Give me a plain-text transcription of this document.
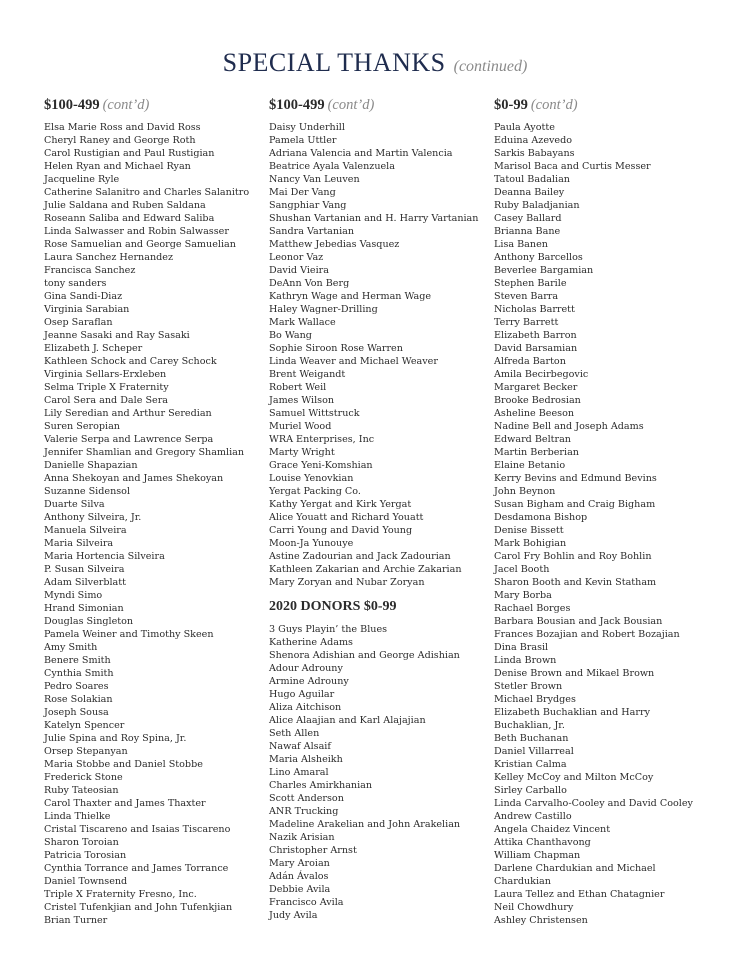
SPECIAL THANKS (continued)
$100-499 (cont’d)
Elsa Marie Ross and David Ross
Cheryl Raney and George Roth
Carol Rustigian and Paul Rustigian
Helen Ryan and Michael Ryan
Jacqueline Ryle
Catherine Salanitro and Charles Salanitro
Julie Saldana and Ruben Saldana
Roseann Saliba and Edward Saliba
Linda Salwasser and Robin Salwasser
Rose Samuelian and George Samuelian
Laura Sanchez Hernandez
Francisca Sanchez
tony sanders
Gina Sandi-Diaz
Virginia Sarabian
Osep Saraflan
Jeanne Sasaki and Ray Sasaki
Elizabeth J. Scheper
Kathleen Schock and Carey Schock
Virginia Sellars-Erxleben
Selma Triple X Fraternity
Carol Sera and Dale Sera
Lily Seredian and Arthur Seredian
Suren Seropian
Valerie Serpa and Lawrence Serpa
Jennifer Shamlian and Gregory Shamlian
Danielle Shapazian
Anna Shekoyan and James Shekoyan
Suzanne Sidensol
Duarte Silva
Anthony Silveira, Jr.
Manuela Silveira
Maria Silveira
Maria Hortencia Silveira
P. Susan Silveira
Adam Silverblatt
Myndi Simo
Hrand Simonian
Douglas Singleton
Pamela Weiner and Timothy Skeen
Amy Smith
Benere Smith
Cynthia Smith
Pedro Soares
Rose Solakian
Joseph Sousa
Katelyn Spencer
Julie Spina and Roy Spina, Jr.
Orsep Stepanyan
Maria Stobbe and Daniel Stobbe
Frederick Stone
Ruby Tateosian
Carol Thaxter and James Thaxter
Linda Thielke
Cristal Tiscareno and Isaias Tiscareno
Sharon Toroian
Patricia Torosian
Cynthia Torrance and James Torrance
Daniel Townsend
Triple X Fraternity Fresno, Inc.
Cristel Tufenkjian and John Tufenkjian
Brian Turner
$100-499 (cont’d)
Daisy Underhill
Pamela Uttler
Adriana Valencia and Martin Valencia
Beatrice Ayala Valenzuela
Nancy Van Leuven
Mai Der Vang
Sangphiar Vang
Shushan Vartanian and H. Harry Vartanian
Sandra Vartanian
Matthew Jebedias Vasquez
Leonor Vaz
David Vieira
DeAnn Von Berg
Kathryn Wage and Herman Wage
Haley Wagner-Drilling
Mark Wallace
Bo Wang
Sophie Siroon Rose Warren
Linda Weaver and Michael Weaver
Brent Weigandt
Robert Weil
James Wilson
Samuel Wittstruck
Muriel Wood
WRA Enterprises, Inc
Marty Wright
Grace Yeni-Komshian
Louise Yenovkian
Yergat Packing Co.
Kathy Yergat and Kirk Yergat
Alice Youatt and Richard Youatt
Carri Young and David Young
Moon-Ja Yunouye
Astine Zadourian and Jack Zadourian
Kathleen Zakarian and Archie Zakarian
Mary Zoryan and Nubar Zoryan
2020 DONORS $0-99
3 Guys Playin’ the Blues
Katherine Adams
Shenora Adishian and George Adishian
Adour Adrouny
Armine Adrouny
Hugo Aguilar
Aliza Aitchison
Alice Alaajian and Karl Alajajian
Seth Allen
Nawaf Alsaif
Maria Alsheikh
Lino Amaral
Charles Amirkhanian
Scott Anderson
ANR Trucking
Madeline Arakelian and John Arakelian
Nazik Arisian
Christopher Arnst
Mary Aroian
Adán Ávalos
Debbie Avila
Francisco Avila
Judy Avila
$0-99 (cont’d)
Paula Ayotte
Eduina Azevedo
Sarkis Babayans
Marisol Baca and Curtis Messer
Tatoul Badalian
Deanna Bailey
Ruby Baladjanian
Casey Ballard
Brianna Bane
Lisa Banen
Anthony Barcellos
Beverlee Bargamian
Stephen Barile
Steven Barra
Nicholas Barrett
Terry Barrett
Elizabeth Barron
David Barsamian
Alfreda Barton
Amila Becirbegovic
Margaret Becker
Brooke Bedrosian
Asheline Beeson
Nadine Bell and Joseph Adams
Edward Beltran
Martin Berberian
Elaine Betanio
Kerry Bevins and Edmund Bevins
John Beynon
Susan Bigham and Craig Bigham
Desdamona Bishop
Denise Bissett
Mark Bohigian
Carol Fry Bohlin and Roy Bohlin
Jacel Booth
Sharon Booth and Kevin Statham
Mary Borba
Rachael Borges
Barbara Bousian and Jack Bousian
Frances Bozajian and Robert Bozajian
Dina Brasil
Linda Brown
Denise Brown and Mikael Brown
Stetler Brown
Michael Brydges
Elizabeth Buchaklian and Harry
Buchaklian, Jr.
Beth Buchanan
Daniel Villarreal
Kristian Calma
Kelley McCoy and Milton McCoy
Sirley Carballo
Linda Carvalho-Cooley and David Cooley
Andrew Castillo
Angela Chaidez Vincent
Attika Chanthavong
William Chapman
Darlene Chardukian and Michael
Chardukian
Laura Tellez and Ethan Chatagnier
Neil Chowdhury
Ashley Christensen
